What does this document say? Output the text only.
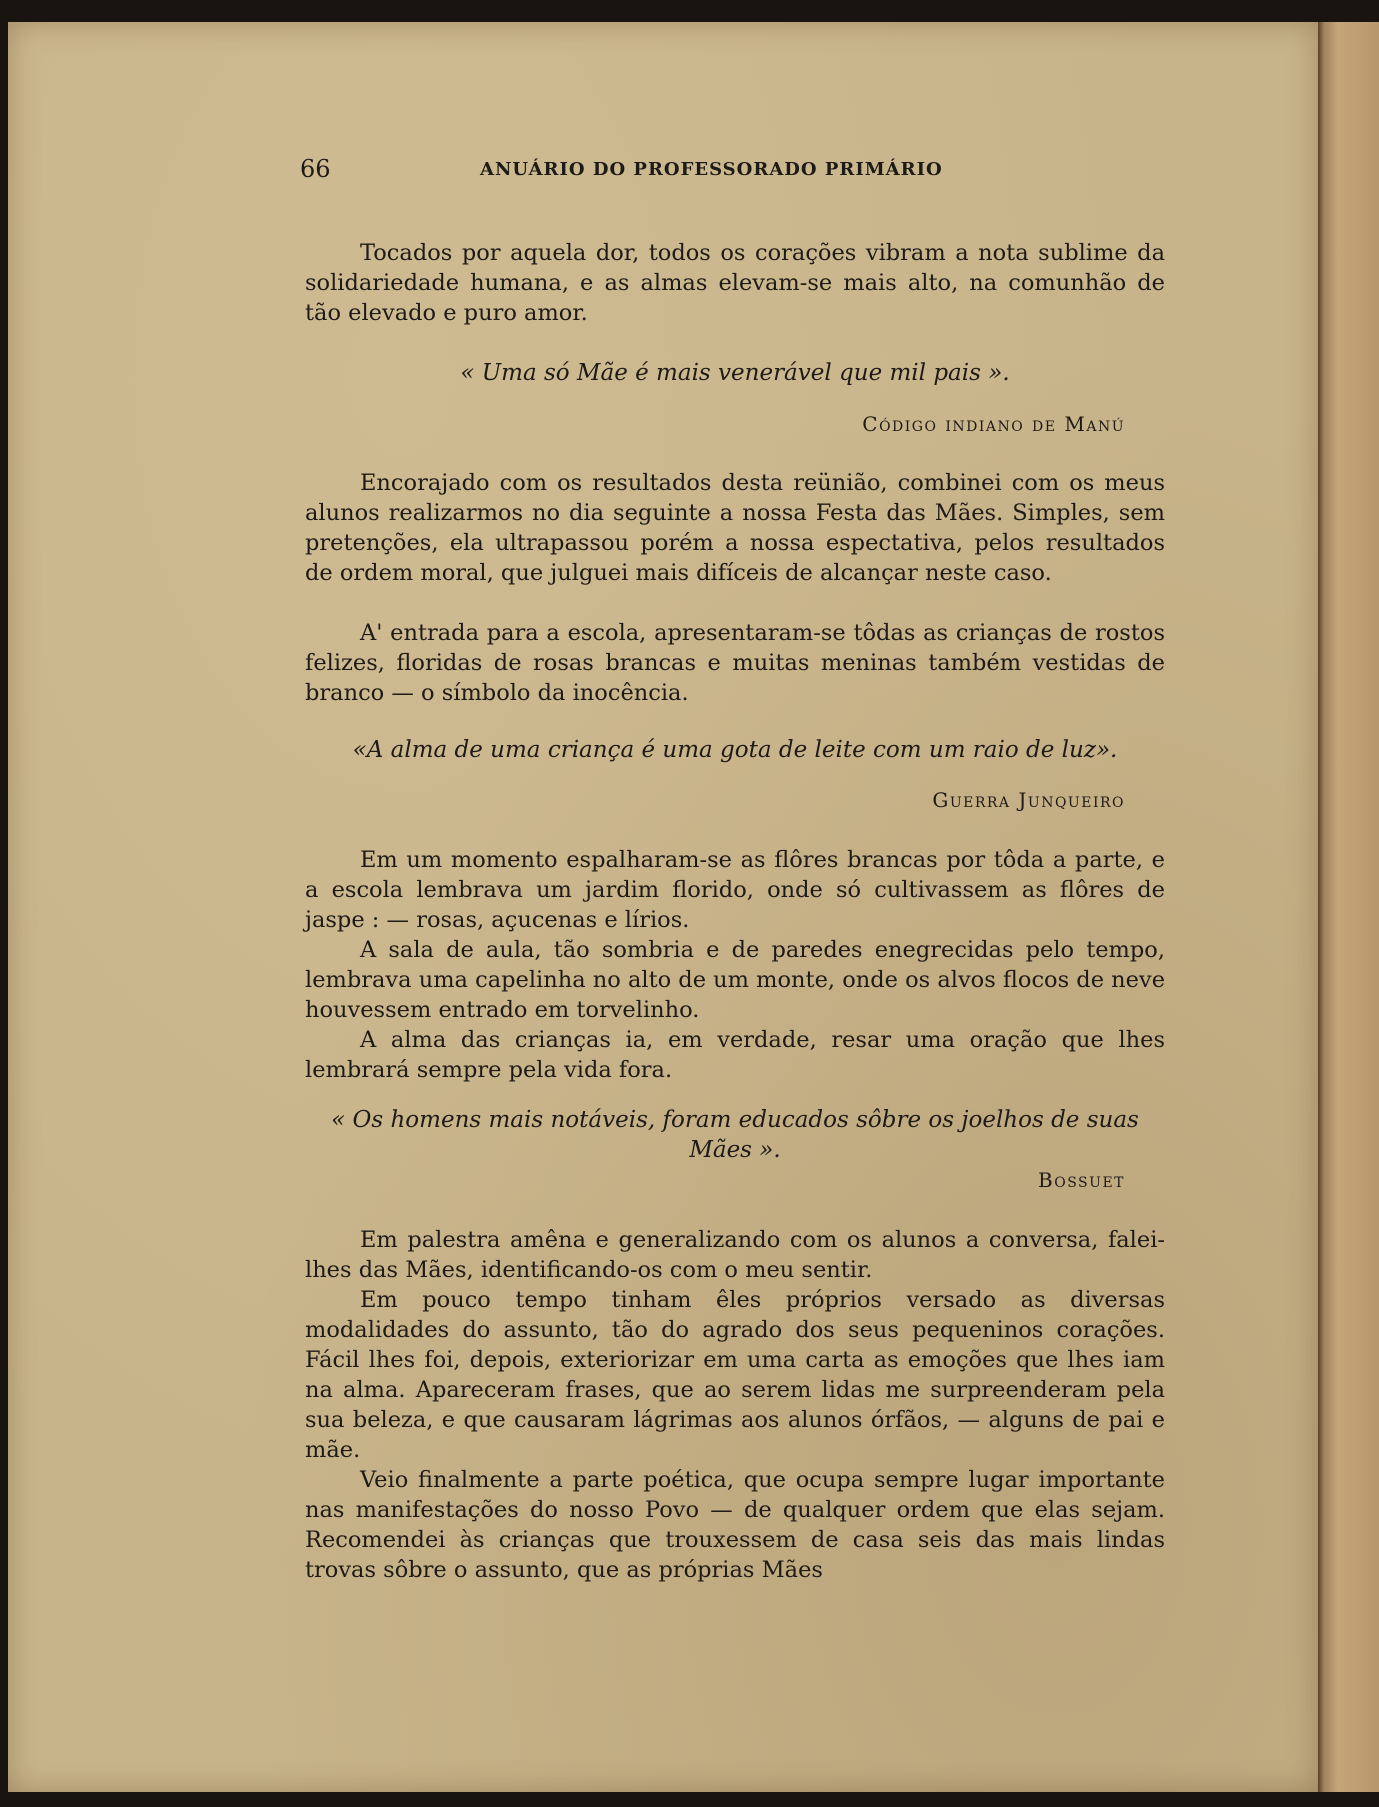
66	ANUÁRIO DO PROFESSORADO PRIMÁRIO

Tocados por aquela dor, todos os corações vibram a nota sublime da solidariedade humana, e as almas elevam-se mais alto, na comunhão de tão elevado e puro amor.

« Uma só Mãe é mais venerável que mil pais ».

Código indiano de Manú

Encorajado com os resultados desta reünião, combinei com os meus alunos realizarmos no dia seguinte a nossa Festa das Mães. Simples, sem pretenções, ela ultrapassou porém a nossa espectativa, pelos resultados de ordem moral, que julguei mais difíceis de alcançar neste caso.

A' entrada para a escola, apresentaram-se tôdas as crianças de rostos felizes, floridas de rosas brancas e muitas meninas também vestidas de branco — o símbolo da inocência.

«A alma de uma criança é uma gota de leite com um raio de luz».

Guerra Junqueiro

Em um momento espalharam-se as flôres brancas por tôda a parte, e a escola lembrava um jardim florido, onde só cultivassem as flôres de jaspe : — rosas, açucenas e lírios.

A sala de aula, tão sombria e de paredes enegrecidas pelo tempo, lembrava uma capelinha no alto de um monte, onde os alvos flocos de neve houvessem entrado em torvelinho.

A alma das crianças ia, em verdade, resar uma oração que lhes lembrará sempre pela vida fora.

« Os homens mais notáveis, foram educados sôbre os joelhos de suas Mães ».

Bossuet

Em palestra amêna e generalizando com os alunos a conversa, falei-lhes das Mães, identificando-os com o meu sentir.

Em pouco tempo tinham êles próprios versado as diversas modalidades do assunto, tão do agrado dos seus pequeninos corações. Fácil lhes foi, depois, exteriorizar em uma carta as emoções que lhes iam na alma. Apareceram frases, que ao serem lidas me surpreenderam pela sua beleza, e que causaram lágrimas aos alunos órfãos, — alguns de pai e mãe.

Veio finalmente a parte poética, que ocupa sempre lugar importante nas manifestações do nosso Povo — de qualquer ordem que elas sejam. Recomendei às crianças que trouxessem de casa seis das mais lindas trovas sôbre o assunto, que as próprias Mães
